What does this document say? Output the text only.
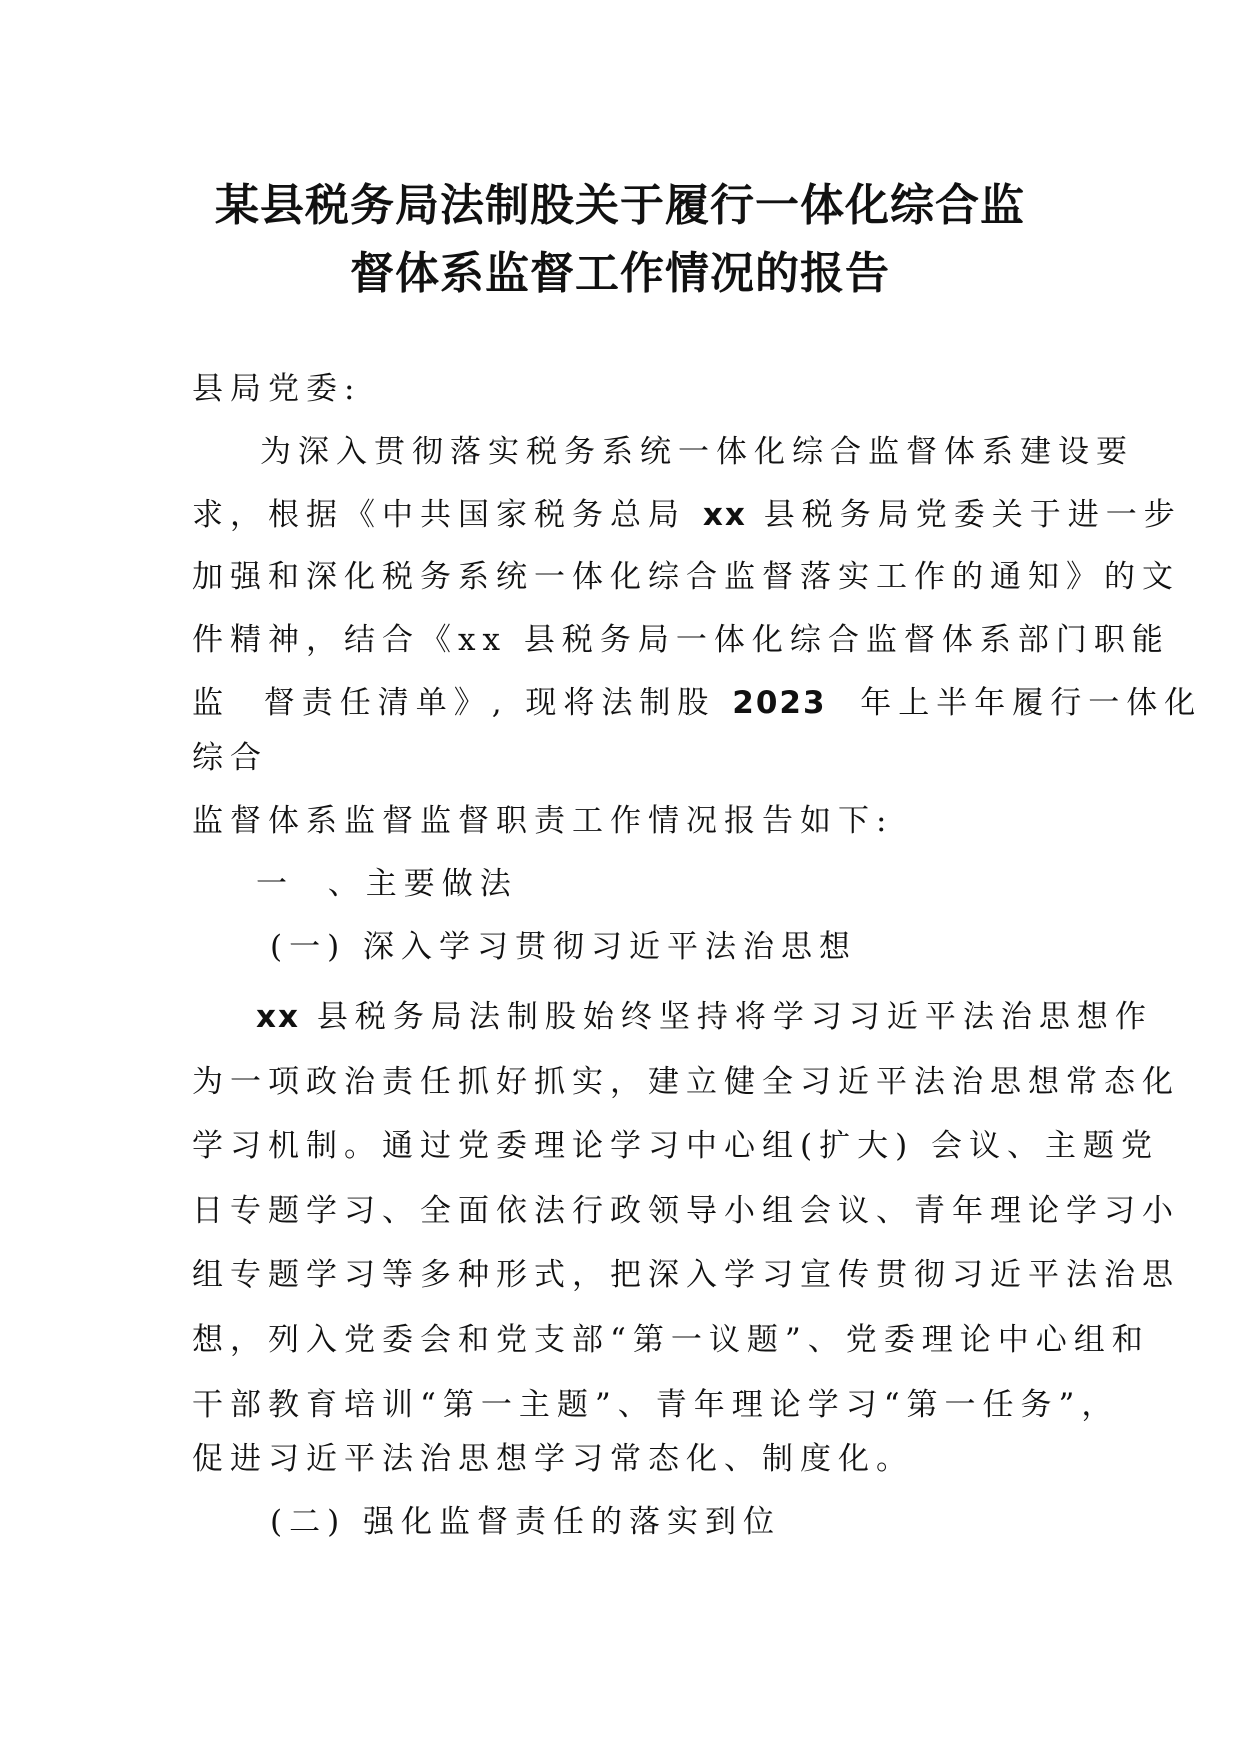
某县税务局法制股关于履行一体化综合监
督体系监督工作情况的报告
县局党委:
为深入贯彻落实税务系统一体化综合监督体系建设要
求，根据《中共国家税务总局 xx 县税务局党委关于进一步
加强和深化税务系统一体化综合监督落实工作的通知》的文
件精神，结合《xx 县税务局一体化综合监督体系部门职能
监  督责任清单》, 现将法制股 2023  年上半年履行一体化
综合
监督体系监督监督职责工作情况报告如下:
一  、主要做法
(一) 深入学习贯彻习近平法治思想
xx 县税务局法制股始终坚持将学习习近平法治思想作
为一项政治责任抓好抓实，建立健全习近平法治思想常态化
学习机制。通过党委理论学习中心组(扩大) 会议、主题党
日专题学习、全面依法行政领导小组会议、青年理论学习小
组专题学习等多种形式，把深入学习宣传贯彻习近平法治思
想，列入党委会和党支部“第一议题”、党委理论中心组和
干部教育培训“第一主题”、青年理论学习“第一任务”，
促进习近平法治思想学习常态化、制度化。
(二) 强化监督责任的落实到位
